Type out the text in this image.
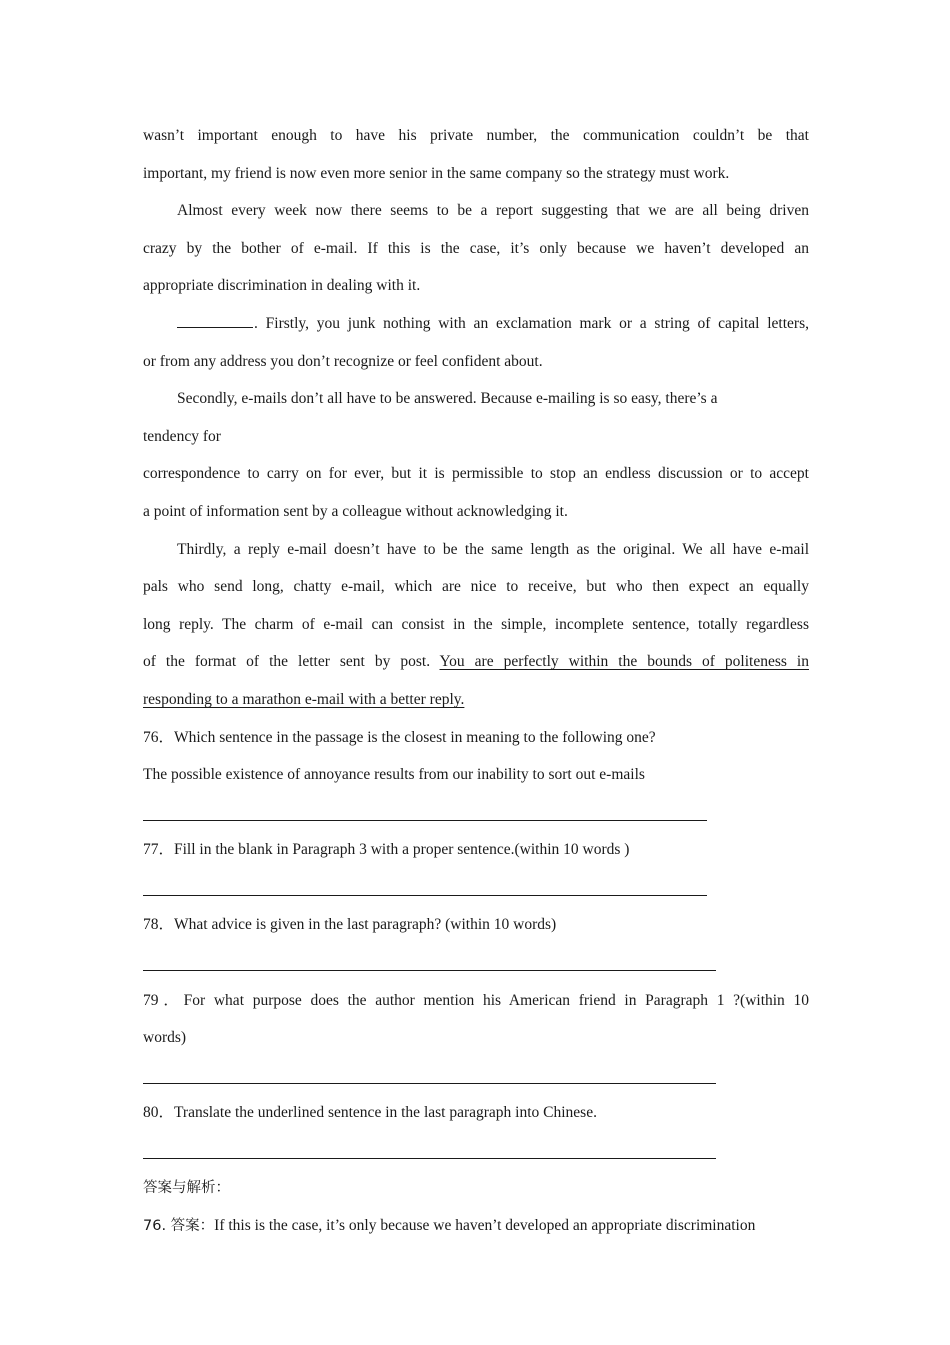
wasn’t important enough to have his private number, the communication couldn’t be that
important, my friend is now even more senior in the same company so the strategy must work.
Almost every week now there seems to be a report suggesting that we are all being driven
crazy by the bother of e-mail. If this is the case, it’s only because we haven’t developed an
appropriate discrimination in dealing with it.
. Firstly, you junk nothing with an exclamation mark or a string of capital letters,
or from any address you don’t recognize or feel confident about.
Secondly, e-mails don’t all have to be answered. Because e-mailing is so easy, there’s a
tendency for
correspondence to carry on for ever, but it is permissible to stop an endless discussion or to accept
a point of information sent by a colleague without acknowledging it.
Thirdly, a reply e-mail doesn’t have to be the same length as the original. We all have e-mail
pals who send long, chatty e-mail, which are nice to receive, but who then expect an equally
long reply. The charm of e-mail can consist in the simple, incomplete sentence, totally regardless
of the format of the letter sent by post. You are perfectly within the bounds of politeness in
responding to a marathon e-mail with a better reply.
76．Which sentence in the passage is the closest in meaning to the following one?
The possible existence of annoyance results from our inability to sort out e-mails
77．Fill in the blank in Paragraph 3 with a proper sentence.(within 10 words )
78．What advice is given in the last paragraph? (within 10 words)
79．For what purpose does the author mention his American friend in Paragraph 1 ?(within 10
words)
80．Translate the underlined sentence in the last paragraph into Chinese.
答案与解析：
76. 答案：If this is the case, it’s only because we haven’t developed an appropriate discrimination
